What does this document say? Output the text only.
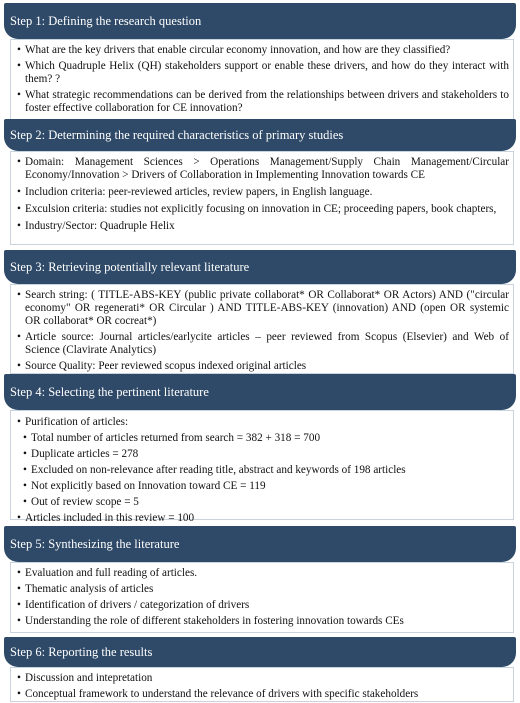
Step 1: Defining the research question
• What are the key drivers that enable circular economy innovation, and how are they classified?
• Which Quadruple Helix (QH) stakeholders support or enable these drivers, and how do they interact with them? ?
• What strategic recommendations can be derived from the relationships between drivers and stakeholders to foster effective collaboration for CE innovation?
Step 2: Determining the required characteristics of primary studies
• Domain: Management Sciences > Operations Management/Supply Chain Management/Circular Economy/Innovation > Drivers of Collaboration in Implementing Innovation towards CE
• Includion criteria: peer-reviewed articles, review papers, in English language.
• Exculsion criteria: studies not explicitly focusing on innovation in CE; proceeding papers, book chapters,
• Industry/Sector: Quadruple Helix
Step 3: Retrieving potentially relevant literature
• Search string: ( TITLE-ABS-KEY (public private collaborat* OR Collaborat* OR Actors) AND ("circular economy" OR regenerati* OR Circular ) AND TITLE-ABS-KEY (innovation) AND (open OR systemic OR collaborat* OR cocreat*)
• Article source: Journal articles/earlycite articles – peer reviewed from Scopus (Elsevier) and Web of Science (Clavirate Analytics)
• Source Quality: Peer reviewed scopus indexed original articles
Step 4: Selecting the pertinent literature
• Purification of articles:
• Total number of articles returned from search = 382 + 318 = 700
• Duplicate articles = 278
• Excluded on non-relevance after reading title, abstract and keywords of 198 articles
• Not explicitly based on Innovation toward CE = 119
• Out of review scope = 5
• Articles included in this review = 100
Step 5: Synthesizing the literature
• Evaluation and full reading of articles.
• Thematic analysis of articles
• Identification of drivers / categorization of drivers
• Understanding the role of different stakeholders in fostering innovation towards CEs
Step 6: Reporting the results
• Discussion and intepretation
• Conceptual framework to understand the relevance of drivers with specific stakeholders
